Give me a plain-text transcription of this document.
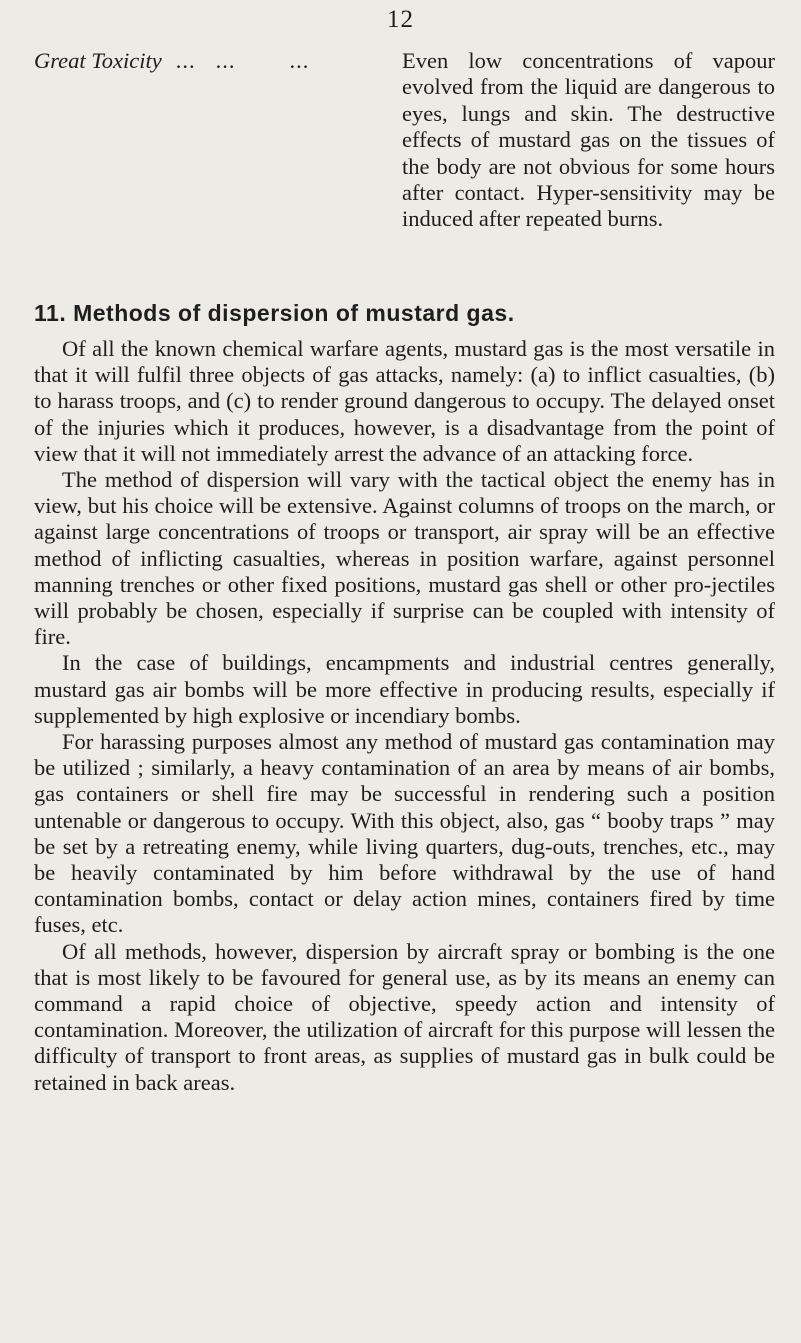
12
Great Toxicity ... ... ...	Even low concentrations of vapour evolved from the liquid are dangerous to eyes, lungs and skin. The destructive effects of mustard gas on the tissues of the body are not obvious for some hours after contact. Hyper-sensitivity may be induced after repeated burns.
11. Methods of dispersion of mustard gas.

Of all the known chemical warfare agents, mustard gas is the most versatile in that it will fulfil three objects of gas attacks, namely: (a) to inflict casualties, (b) to harass troops, and (c) to render ground dangerous to occupy. The delayed onset of the injuries which it produces, however, is a disadvantage from the point of view that it will not immediately arrest the advance of an attacking force.

The method of dispersion will vary with the tactical object the enemy has in view, but his choice will be extensive. Against columns of troops on the march, or against large concentrations of troops or transport, air spray will be an effective method of inflicting casualties, whereas in position warfare, against personnel manning trenches or other fixed positions, mustard gas shell or other pro-jectiles will probably be chosen, especially if surprise can be coupled with intensity of fire.

In the case of buildings, encampments and industrial centres generally, mustard gas air bombs will be more effective in producing results, especially if supplemented by high explosive or incendiary bombs.

For harassing purposes almost any method of mustard gas contamination may be utilized ; similarly, a heavy contamination of an area by means of air bombs, gas containers or shell fire may be successful in rendering such a position untenable or dangerous to occupy. With this object, also, gas “ booby traps ” may be set by a retreating enemy, while living quarters, dug-outs, trenches, etc., may be heavily contaminated by him before withdrawal by the use of hand contamination bombs, contact or delay action mines, containers fired by time fuses, etc.

Of all methods, however, dispersion by aircraft spray or bombing is the one that is most likely to be favoured for general use, as by its means an enemy can command a rapid choice of objective, speedy action and intensity of contamination. Moreover, the utilization of aircraft for this purpose will lessen the difficulty of transport to front areas, as supplies of mustard gas in bulk could be retained in back areas.
